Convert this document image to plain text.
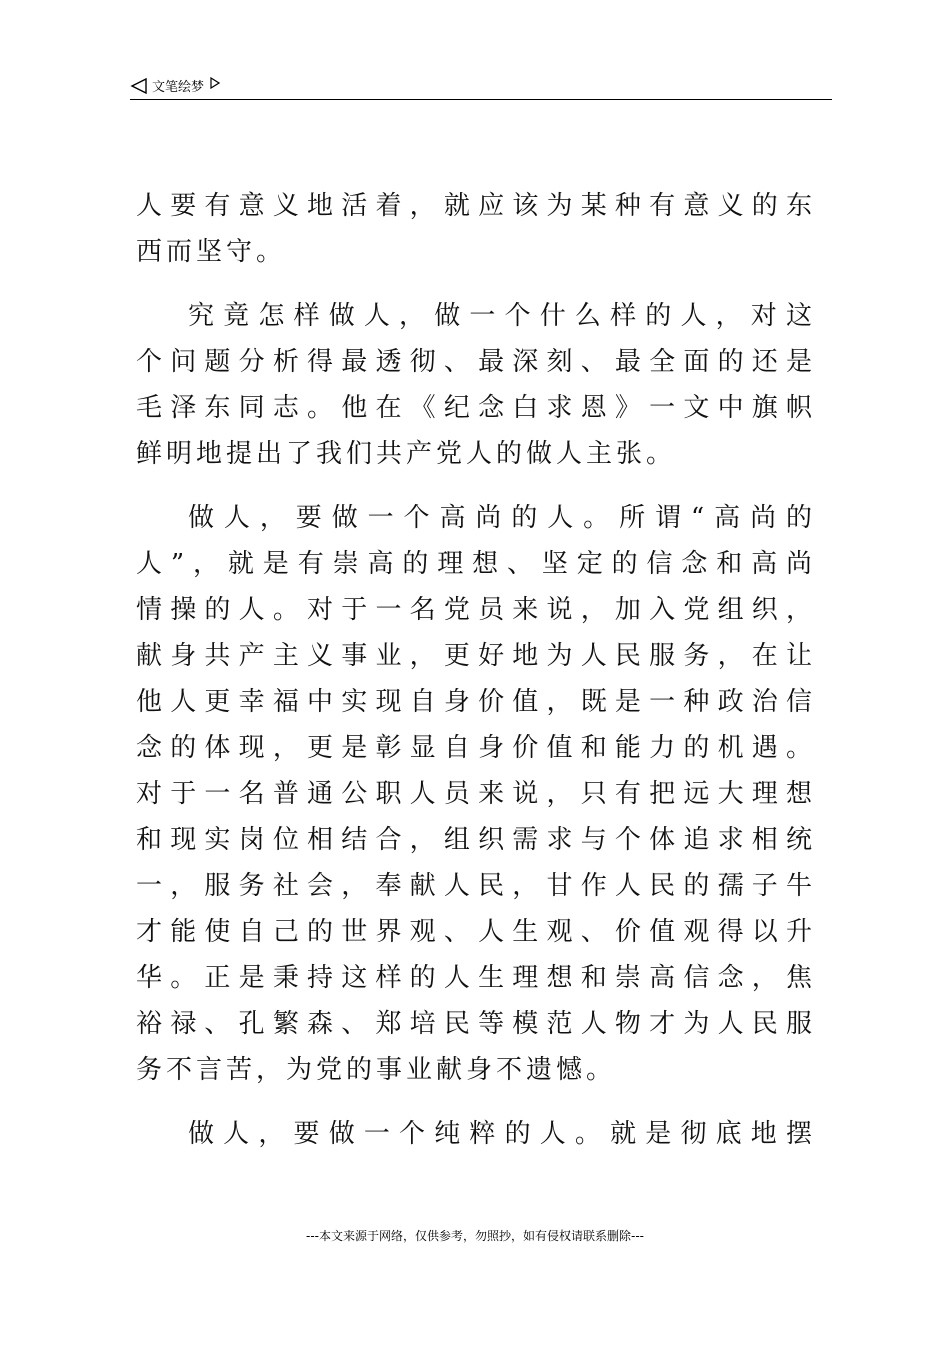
文笔绘梦
人要有意义地活着，就应该为某种有意义的东
西而坚守。
究竟怎样做人，做一个什么样的人，对这
个问题分析得最透彻、最深刻、最全面的还是
毛泽东同志。他在《纪念白求恩》一文中旗帜
鲜明地提出了我们共产党人的做人主张。
做人，要做一个高尚的人。所谓“高尚的
人”，就是有崇高的理想、坚定的信念和高尚
情操的人。对于一名党员来说，加入党组织，
献身共产主义事业，更好地为人民服务，在让
他人更幸福中实现自身价值，既是一种政治信
念的体现，更是彰显自身价值和能力的机遇。
对于一名普通公职人员来说，只有把远大理想
和现实岗位相结合，组织需求与个体追求相统
一，服务社会，奉献人民，甘作人民的孺子牛
才能使自己的世界观、人生观、价值观得以升
华。正是秉持这样的人生理想和崇高信念，焦
裕禄、孔繁森、郑培民等模范人物才为人民服
务不言苦，为党的事业献身不遗憾。
做人，要做一个纯粹的人。就是彻底地摆
---本文来源于网络，仅供参考，勿照抄，如有侵权请联系删除---
